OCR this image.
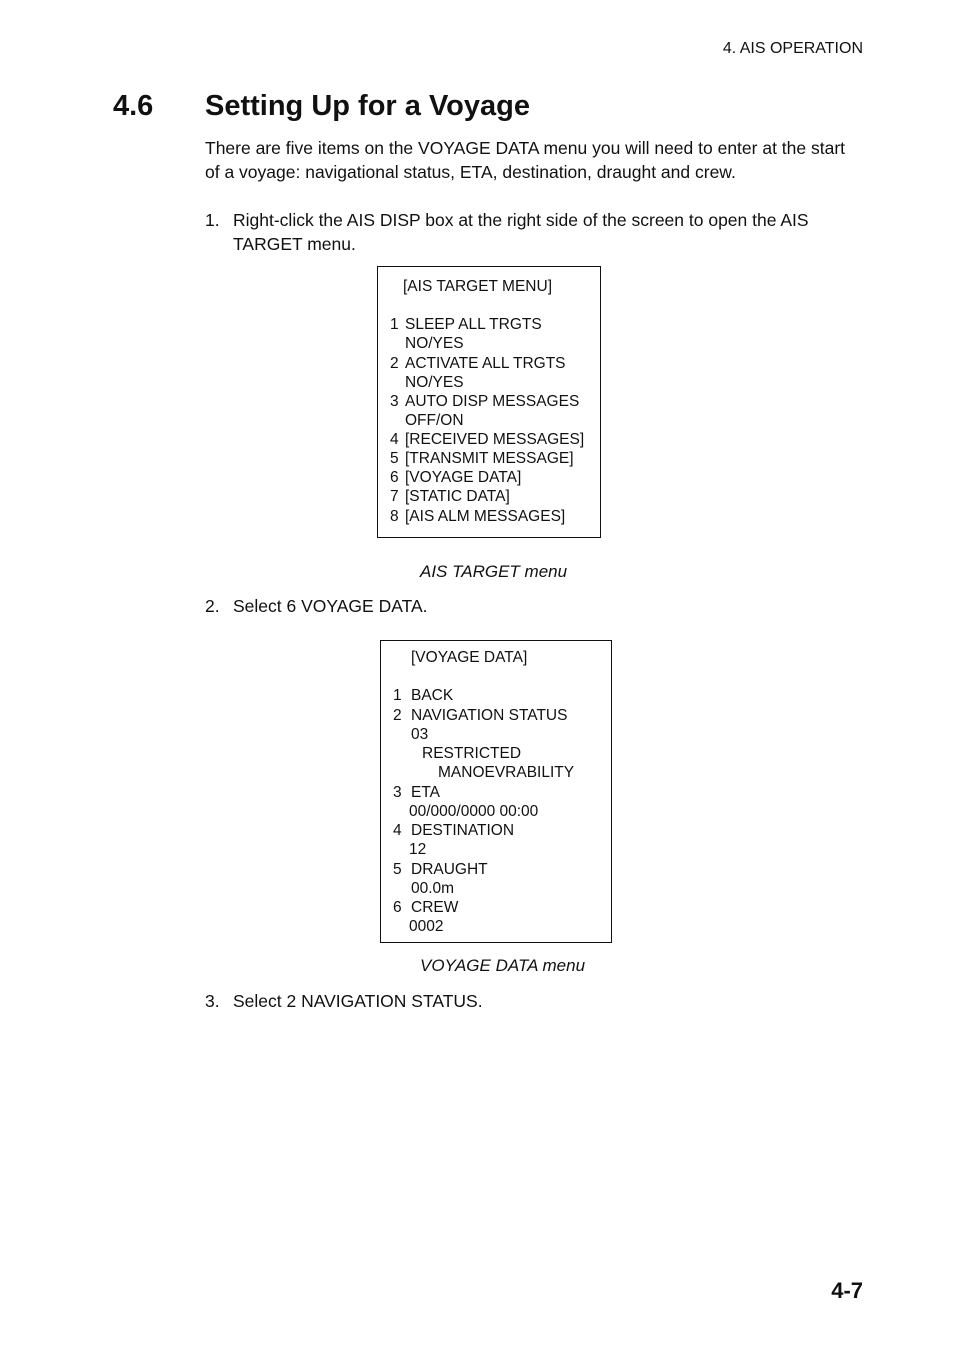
4. AIS OPERATION
4.6 Setting Up for a Voyage
There are five items on the VOYAGE DATA menu you will need to enter at the start of a voyage: navigational status, ETA, destination, draught and crew.
1. Right-click the AIS DISP box at the right side of the screen to open the AIS
TARGET menu.
[AIS TARGET MENU]
1 SLEEP ALL TRGTS
NO/YES
2 ACTIVATE ALL TRGTS
NO/YES
3 AUTO DISP MESSAGES
OFF/ON
4 [RECEIVED MESSAGES]
5 [TRANSMIT MESSAGE]
6 [VOYAGE DATA]
7 [STATIC DATA]
8 [AIS ALM MESSAGES]
AIS TARGET menu
2. Select 6 VOYAGE DATA.
[VOYAGE DATA]
1 BACK
2 NAVIGATION STATUS
03
RESTRICTED
MANOEVRABILITY
3 ETA
00/000/0000 00:00
4 DESTINATION
12
5 DRAUGHT
00.0m
6 CREW
0002
VOYAGE DATA menu
3. Select 2 NAVIGATION STATUS.
4-7
